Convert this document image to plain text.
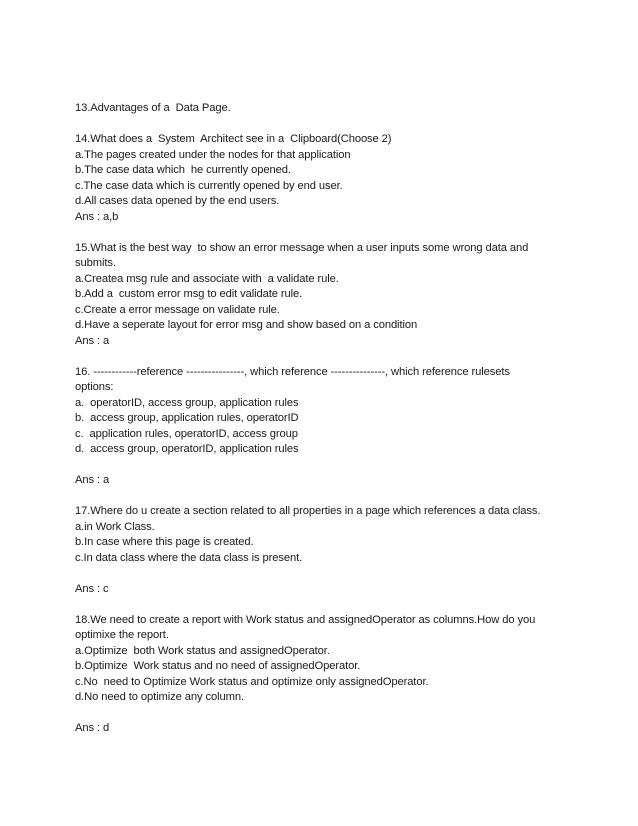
13.Advantages of a  Data Page.
14.What does a  System  Architect see in a  Clipboard(Choose 2)
a.The pages created under the nodes for that application
b.The case data which  he currently opened.
c.The case data which is currently opened by end user.
d.All cases data opened by the end users.
Ans : a,b
15.What is the best way  to show an error message when a user inputs some wrong data and
submits.
a.Createa msg rule and associate with  a validate rule.
b.Add a  custom error msg to edit validate rule.
c.Create a error message on validate rule.
d.Have a seperate layout for error msg and show based on a condition
Ans : a
16. ------------reference ----------------, which reference ---------------, which reference rulesets
options:
a.  operatorID, access group, application rules
b.  access group, application rules, operatorID
c.  application rules, operatorID, access group
d.  access group, operatorID, application rules
Ans : a
17.Where do u create a section related to all properties in a page which references a data class.
a.in Work Class.
b.In case where this page is created.
c.In data class where the data class is present.
Ans : c
18.We need to create a report with Work status and assignedOperator as columns.How do you
optimixe the report.
a.Optimize  both Work status and assignedOperator.
b.Optimize  Work status and no need of assignedOperator.
c.No  need to Optimize Work status and optimize only assignedOperator.
d.No need to optimize any column.
Ans : d
